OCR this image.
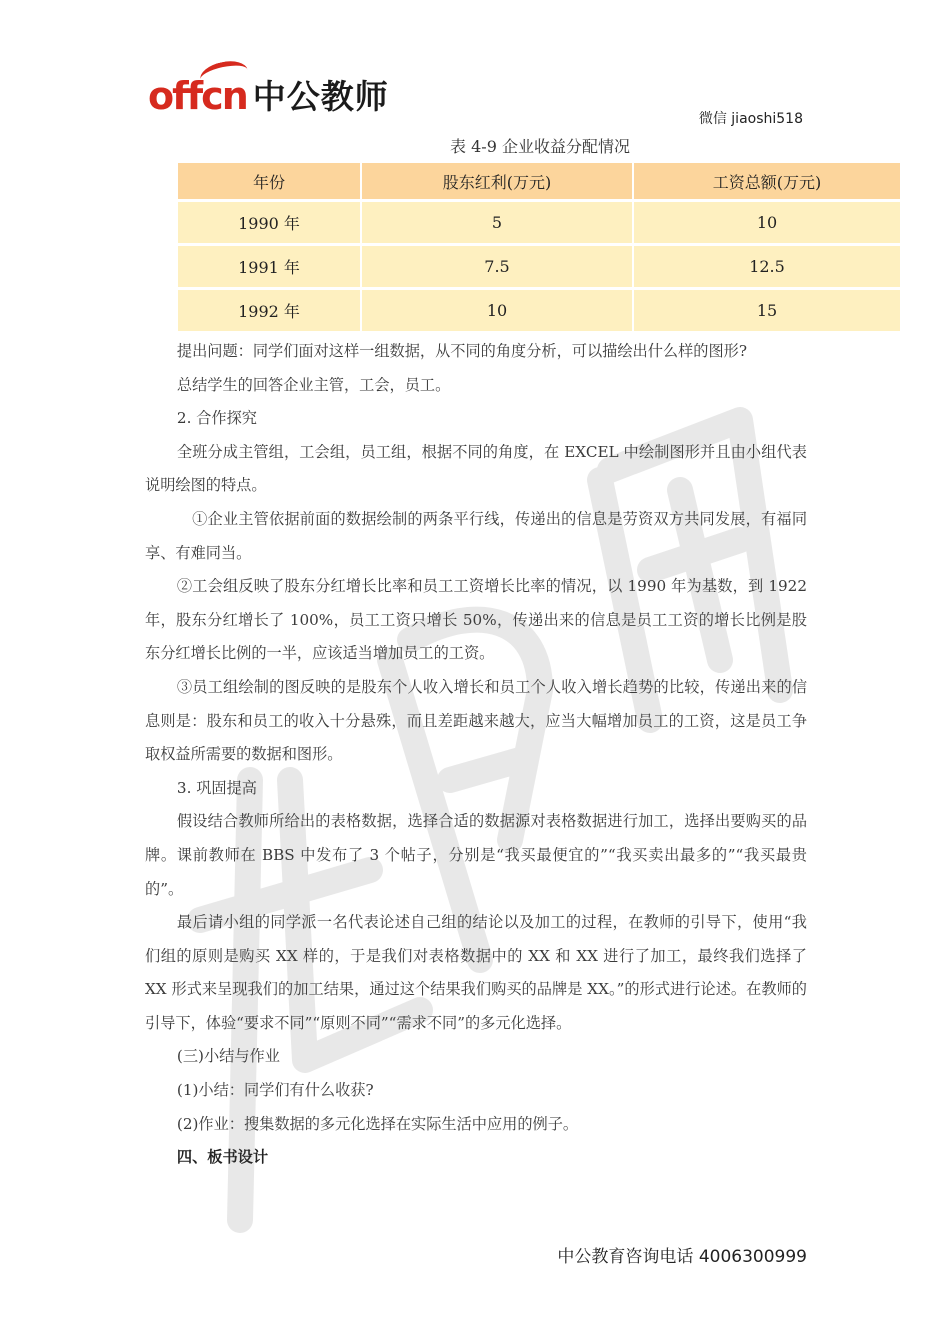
offcn 中公教师
微信 jiaoshi518
表 4-9 企业收益分配情况
年份	股东红利(万元)	工资总额(万元)
1990 年	5	10
1991 年	7.5	12.5
1992 年	10	15

提出问题：同学们面对这样一组数据，从不同的角度分析，可以描绘出什么样的图形?

总结学生的回答企业主管，工会，员工。

2. 合作探究

全班分成主管组，工会组，员工组，根据不同的角度，在 EXCEL 中绘制图形并且由小组代表说明绘图的特点。

①企业主管依据前面的数据绘制的两条平行线，传递出的信息是劳资双方共同发展，有福同享、有难同当。

②工会组反映了股东分红增长比率和员工工资增长比率的情况，以 1990 年为基数，到 1922 年，股东分红增长了 100%，员工工资只增长 50%，传递出来的信息是员工工资的增长比例是股东分红增长比例的一半，应该适当增加员工的工资。

③员工组绘制的图反映的是股东个人收入增长和员工个人收入增长趋势的比较，传递出来的信息则是：股东和员工的收入十分悬殊，而且差距越来越大，应当大幅增加员工的工资，这是员工争取权益所需要的数据和图形。

3. 巩固提高

假设结合教师所给出的表格数据，选择合适的数据源对表格数据进行加工，选择出要购买的品牌。课前教师在 BBS 中发布了 3 个帖子，分别是“我买最便宜的”“我买卖出最多的”“我买最贵的”。

最后请小组的同学派一名代表论述自己组的结论以及加工的过程，在教师的引导下，使用“我们组的原则是购买 XX 样的，于是我们对表格数据中的 XX 和 XX 进行了加工，最终我们选择了 XX 形式来呈现我们的加工结果，通过这个结果我们购买的品牌是 XX。”的形式进行论述。在教师的引导下，体验“要求不同”“原则不同”“需求不同”的多元化选择。

(三)小结与作业

(1)小结：同学们有什么收获?

(2)作业：搜集数据的多元化选择在实际生活中应用的例子。

四、板书设计

中公教育咨询电话 4006300999
